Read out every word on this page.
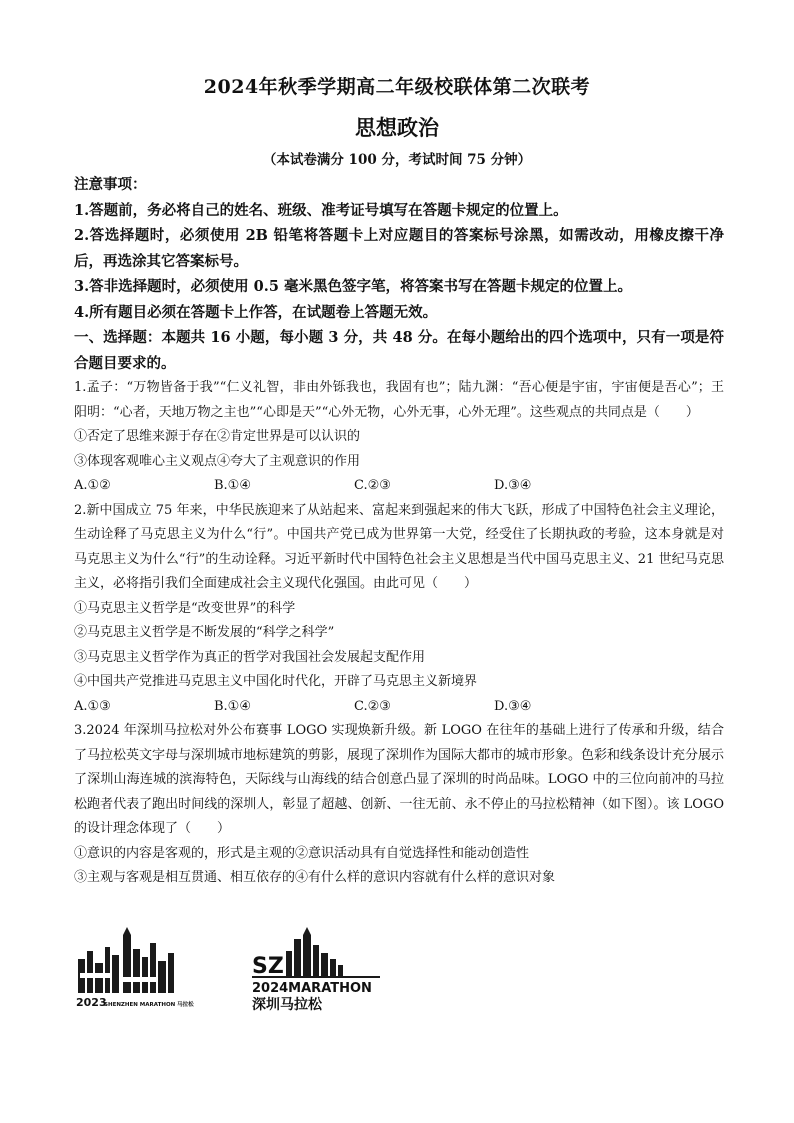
2024年秋季学期高二年级校联体第二次联考
思想政治
（本试卷满分 100 分，考试时间 75 分钟）
注意事项：
1.答题前，务必将自己的姓名、班级、准考证号填写在答题卡规定的位置上。
2.答选择题时，必须使用 2B 铅笔将答题卡上对应题目的答案标号涂黑，如需改动，用橡皮擦干净后，再选涂其它答案标号。
3.答非选择题时，必须使用 0.5 毫米黑色签字笔，将答案书写在答题卡规定的位置上。
4.所有题目必须在答题卡上作答，在试题卷上答题无效。
一、选择题：本题共 16 小题，每小题 3 分，共 48 分。在每小题给出的四个选项中，只有一项是符合题目要求的。
1.孟子：“万物皆备于我”“仁义礼智，非由外铄我也，我固有也”；陆九渊：“吾心便是宇宙，宇宙便是吾心”；王阳明：“心者，天地万物之主也”“心即是天”“心外无物，心外无事，心外无理”。这些观点的共同点是（　　）
①否定了思维来源于存在②肯定世界是可以认识的
③体现客观唯心主义观点④夸大了主观意识的作用
A.①②	B.①④	C.②③	D.③④
2.新中国成立 75 年来，中华民族迎来了从站起来、富起来到强起来的伟大飞跃，形成了中国特色社会主义理论，生动诠释了马克思主义为什么“行”。中国共产党已成为世界第一大党，经受住了长期执政的考验，这本身就是对马克思主义为什么“行”的生动诠释。习近平新时代中国特色社会主义思想是当代中国马克思主义、21 世纪马克思主义，必将指引我们全面建成社会主义现代化强国。由此可见（　　）
①马克思主义哲学是“改变世界”的科学
②马克思主义哲学是不断发展的“科学之科学”
③马克思主义哲学作为真正的哲学对我国社会发展起支配作用
④中国共产党推进马克思主义中国化时代化，开辟了马克思主义新境界
A.①③	B.①④	C.②③	D.③④
3.2024 年深圳马拉松对外公布赛事 LOGO 实现焕新升级。新 LOGO 在往年的基础上进行了传承和升级，结合了马拉松英文字母与深圳城市地标建筑的剪影，展现了深圳作为国际大都市的城市形象。色彩和线条设计充分展示了深圳山海连城的滨海特色，天际线与山海线的结合创意凸显了深圳的时尚品味。LOGO 中的三位向前冲的马拉松跑者代表了跑出时间线的深圳人，彰显了超越、创新、一往无前、永不停止的马拉松精神（如下图）。该 LOGO 的设计理念体现了（　　）
①意识的内容是客观的，形式是主观的②意识活动具有自觉选择性和能动创造性
③主观与客观是相互贯通、相互依存的④有什么样的意识内容就有什么样的意识对象
2023
SHENZHEN MARATHON 马拉松
SZ
2024MARATHON
深圳马拉松
